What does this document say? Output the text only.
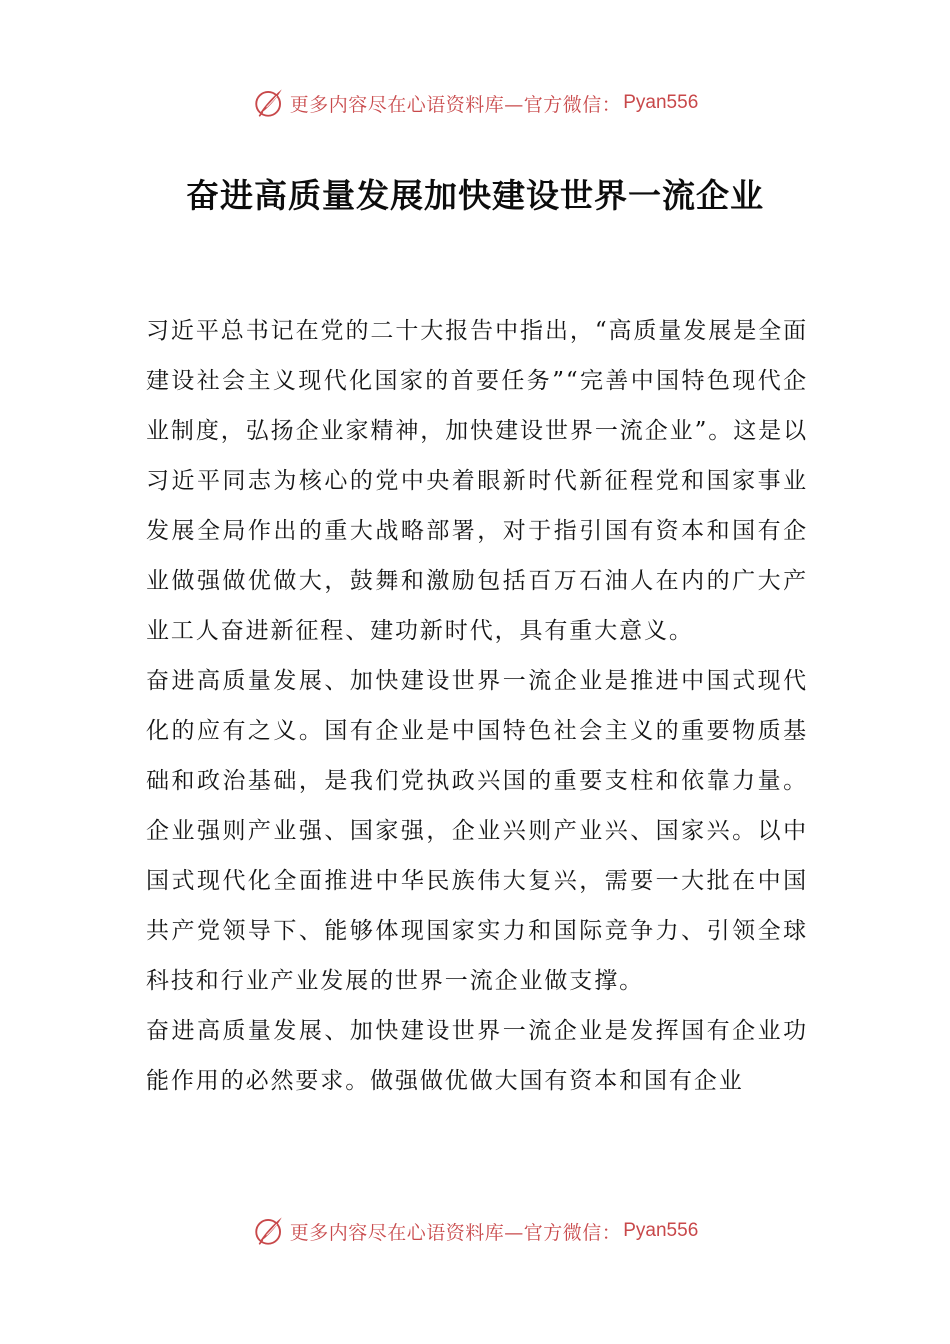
更多内容尽在心语资料库—官方微信： Pyan556
奋进高质量发展加快建设世界一流企业

习近平总书记在党的二十大报告中指出，“高质量发展是全面建设社会主义现代化国家的首要任务”“完善中国特色现代企业制度，弘扬企业家精神，加快建设世界一流企业”。这是以习近平同志为核心的党中央着眼新时代新征程党和国家事业发展全局作出的重大战略部署，对于指引国有资本和国有企业做强做优做大，鼓舞和激励包括百万石油人在内的广大产业工人奋进新征程、建功新时代，具有重大意义。

奋进高质量发展、加快建设世界一流企业是推进中国式现代化的应有之义。国有企业是中国特色社会主义的重要物质基础和政治基础，是我们党执政兴国的重要支柱和依靠力量。企业强则产业强、国家强，企业兴则产业兴、国家兴。以中国式现代化全面推进中华民族伟大复兴，需要一大批在中国共产党领导下、能够体现国家实力和国际竞争力、引领全球科技和行业产业发展的世界一流企业做支撑。

奋进高质量发展、加快建设世界一流企业是发挥国有企业功能作用的必然要求。做强做优做大国有资本和国有企业

更多内容尽在心语资料库—官方微信： Pyan556
